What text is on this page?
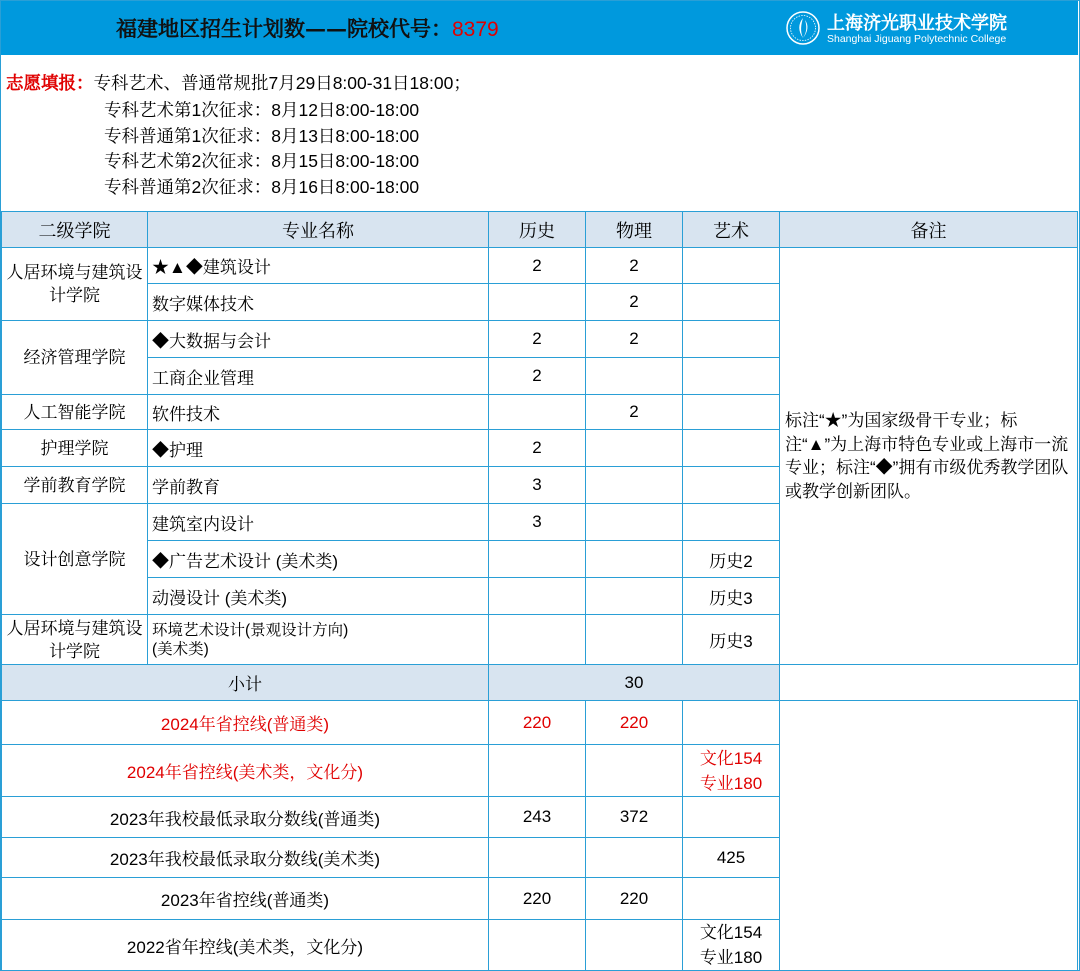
福建地区招生计划数——院校代号：8379	上海济光职业技术学院
Shanghai Jiguang Polytechnic College
志愿填报：专科艺术、普通常规批7月29日8:00-31日18:00；
专科艺术第1次征求：8月12日8:00-18:00
专科普通第1次征求：8月13日8:00-18:00
专科艺术第2次征求：8月15日8:00-18:00
专科普通第2次征求：8月16日8:00-18:00
二级学院	专业名称	历史	物理	艺术	备注
人居环境与建筑设计学院	★▲◆建筑设计	2	2		标注“★”为国家级骨干专业；标注“▲”为上海市特色专业或上海市一流专业；标注“◆”拥有市级优秀教学团队或教学创新团队。
	数字媒体技术		2		
经济管理学院	◆大数据与会计	2	2		
	工商企业管理	2			
人工智能学院	软件技术		2		
护理学院	◆护理	2			
学前教育学院	学前教育	3			
设计创意学院	建筑室内设计	3			
	◆广告艺术设计 (美术类)			历史2	
	动漫设计 (美术类)			历史3	
人居环境与建筑设计学院	环境艺术设计(景观设计方向)
(美术类)			历史3	
小计		30			
2024年省控线(普通类)		220	220		
2024年省控线(美术类，文化分)				文化154
专业180	
2023年我校最低录取分数线(普通类)		243	372		
2023年我校最低录取分数线(美术类)				425	
2023年省控线(普通类)		220	220		
2022省年控线(美术类，文化分)				文化154
专业180	
